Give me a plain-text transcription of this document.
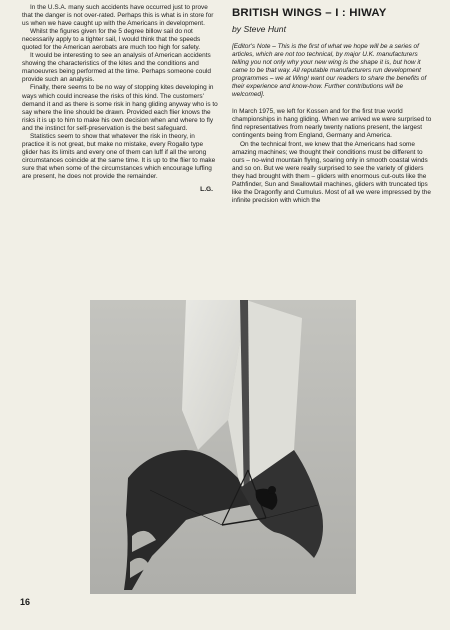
In the U.S.A. many such accidents have occurred just to prove that the danger is not over-rated. Perhaps this is what is in store for us when we have caught up with the Americans in development.

Whilst the figures given for the 5 degree billow sail do not necessarily apply to a tighter sail, I would think that the speeds quoted for the American aerobats are much too high for safety.

It would be interesting to see an analysis of American accidents showing the characteristics of the kites and the conditions and manoeuvres being performed at the time. Perhaps someone could provide such an analysis.

Finally, there seems to be no way of stopping kites developing in ways which could increase the risks of this kind. The customers' demand it and as there is some risk in hang gliding anyway who is to say where the line should be drawn. Provided each flier knows the risks it is up to him to make his own decision when and where to fly and the instinct for self-preservation is the best safeguard.

Statistics seem to show that whatever the risk in theory, in practice it is not great, but make no mistake, every Rogallo type glider has its limits and every one of them can luff if all the wrong circumstances coincide at the same time. It is up to the flier to make sure that when some of the circumstances which encourage luffing are present, he does not provide the remainder.

L.G.
BRITISH WINGS – I : HIWAY
by Steve Hunt

[Editor's Note – This is the first of what we hope will be a series of articles, which are not too technical, by major U.K. manufacturers telling you not only why your new wing is the shape it is, but how it came to be that way. All reputable manufacturers run development programmes – we at Wing! want our readers to share the benefits of their experience and know-how. Further contributions will be welcomed].

In March 1975, we left for Kossen and for the first true world championships in hang gliding. When we arrived we were surprised to find representatives from nearly twenty nations present, the largest contingents being from England, Germany and America.

On the technical front, we knew that the Americans had some amazing machines; we thought their conditions must be different to ours – no-wind mountain flying, soaring only in smooth coastal winds and so on. But we were really surprised to see the variety of gliders they had brought with them – gliders with enormous cut-outs like the Pathfinder, Sun and Swallowtail machines, gliders with truncated tips like the Dragonfly and Cumulus. Most of all we were impressed by the infinite precision with which the

16
